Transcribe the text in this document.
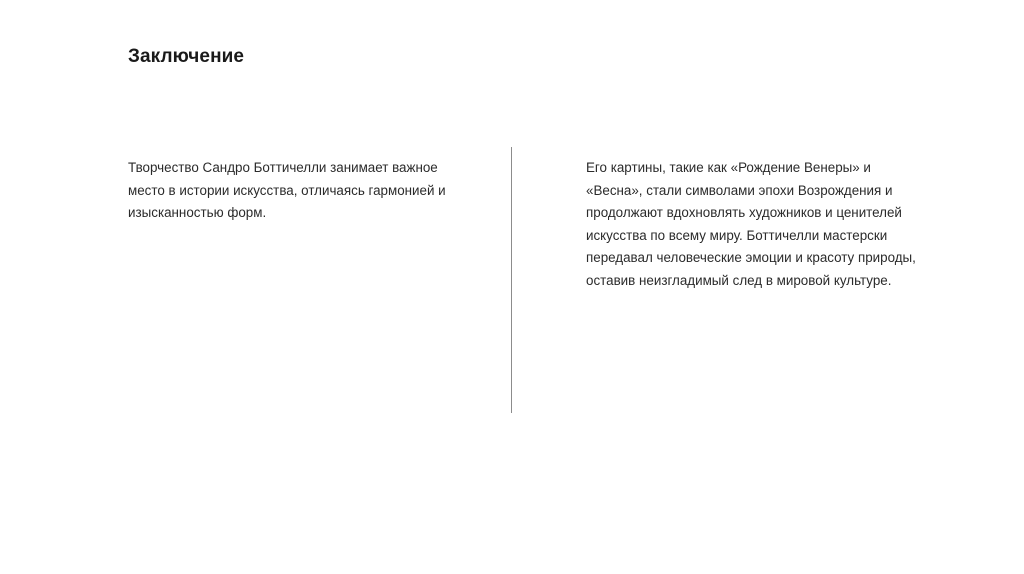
Заключение

Творчество Сандро Боттичелли занимает важное место в истории искусства, отличаясь гармонией и изысканностью форм.

Его картины, такие как «Рождение Венеры» и «Весна», стали символами эпохи Возрождения и продолжают вдохновлять художников и ценителей искусства по всему миру. Боттичелли мастерски передавал человеческие эмоции и красоту природы, оставив неизгладимый след в мировой культуре.
